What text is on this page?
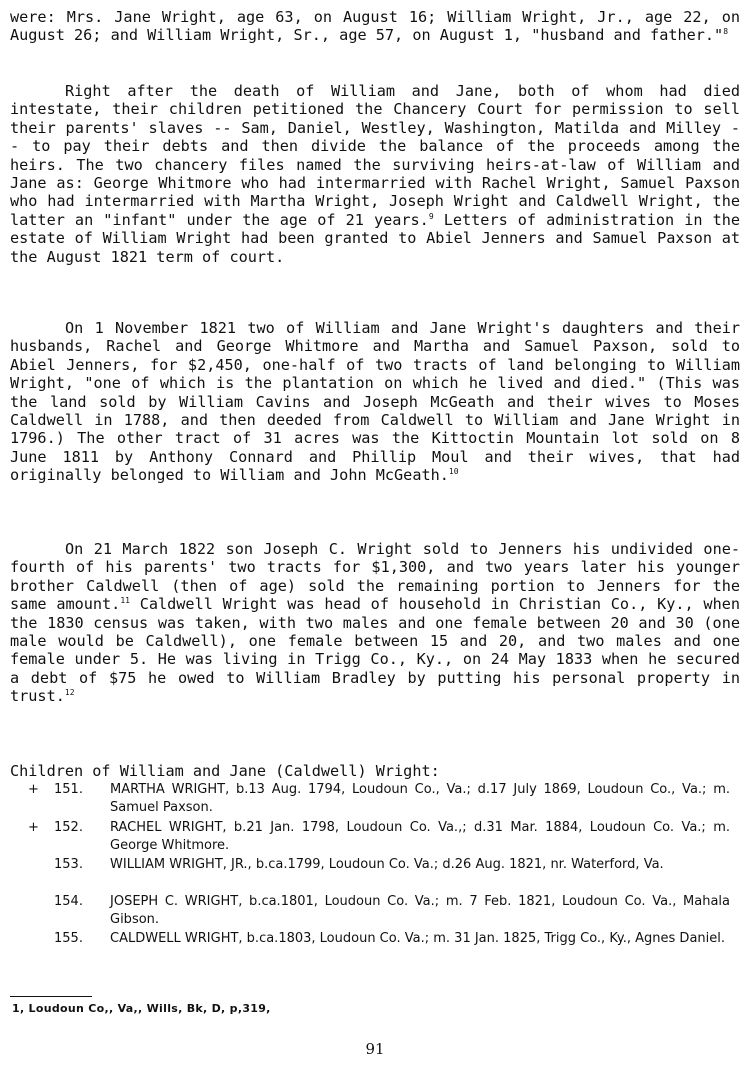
were: Mrs. Jane Wright, age 63, on August 16; William Wright, Jr., age 22, on August 26; and William Wright, Sr., age 57, on August 1, "husband and father."$^8$

Right after the death of William and Jane, both of whom had died intestate, their children petitioned the Chancery Court for permission to sell their parents' slaves -- Sam, Daniel, Westley, Washington, Matilda and Milley -- to pay their debts and then divide the balance of the proceeds among the heirs. The two chancery files named the surviving heirs-at-law of William and Jane as: George Whitmore who had intermarried with Rachel Wright, Samuel Paxson who had intermarried with Martha Wright, Joseph Wright and Caldwell Wright, the latter an "infant" under the age of 21 years.$^9$ Letters of administration in the estate of William Wright had been granted to Abiel Jenners and Samuel Paxson at the August 1821 term of court.

On 1 November 1821 two of William and Jane Wright's daughters and their husbands, Rachel and George Whitmore and Martha and Samuel Paxson, sold to Abiel Jenners, for $2,450, one-half of two tracts of land belonging to William Wright, "one of which is the plantation on which he lived and died." (This was the land sold by William Cavins and Joseph McGeath and their wives to Moses Caldwell in 1788, and then deeded from Caldwell to William and Jane Wright in 1796.) The other tract of 31 acres was the Kittoctin Mountain lot sold on 8 June 1811 by Anthony Connard and Phillip Moul and their wives, that had originally belonged to William and John McGeath.$^{10}$

On 21 March 1822 son Joseph C. Wright sold to Jenners his undivided one-fourth of his parents' two tracts for $1,300, and two years later his younger brother Caldwell (then of age) sold the remaining portion to Jenners for the same amount.$^{11}$ Caldwell Wright was head of household in Christian Co., Ky., when the 1830 census was taken, with two males and one female between 20 and 30 (one male would be Caldwell), one female between 15 and 20, and two males and one female under 5. He was living in Trigg Co., Ky., on 24 May 1833 when he secured a debt of $75 he owed to William Bradley by putting his personal property in trust.$^{12}$

Children of William and Jane (Caldwell) Wright:
+	151.	MARTHA WRIGHT, b.13 Aug. 1794, Loudoun Co., Va.; d.17 July 1869, Loudoun Co., Va.; m. Samuel Paxson.
+	152.	RACHEL WRIGHT, b.21 Jan. 1798, Loudoun Co. Va.,; d.31 Mar. 1884, Loudoun Co. Va.; m. George Whitmore.
153.	WILLIAM WRIGHT, JR., b.ca.1799, Loudoun Co. Va.; d.26 Aug. 1821, nr. Waterford, Va.
154.	JOSEPH C. WRIGHT, b.ca.1801, Loudoun Co. Va.; m. 7 Feb. 1821, Loudoun Co. Va., Mahala Gibson.
155.	CALDWELL WRIGHT, b.ca.1803, Loudoun Co. Va.; m. 31 Jan. 1825, Trigg Co., Ky., Agnes Daniel.
1, Loudoun Co,, Va,, Wills, Bk, D, p,319,
91
